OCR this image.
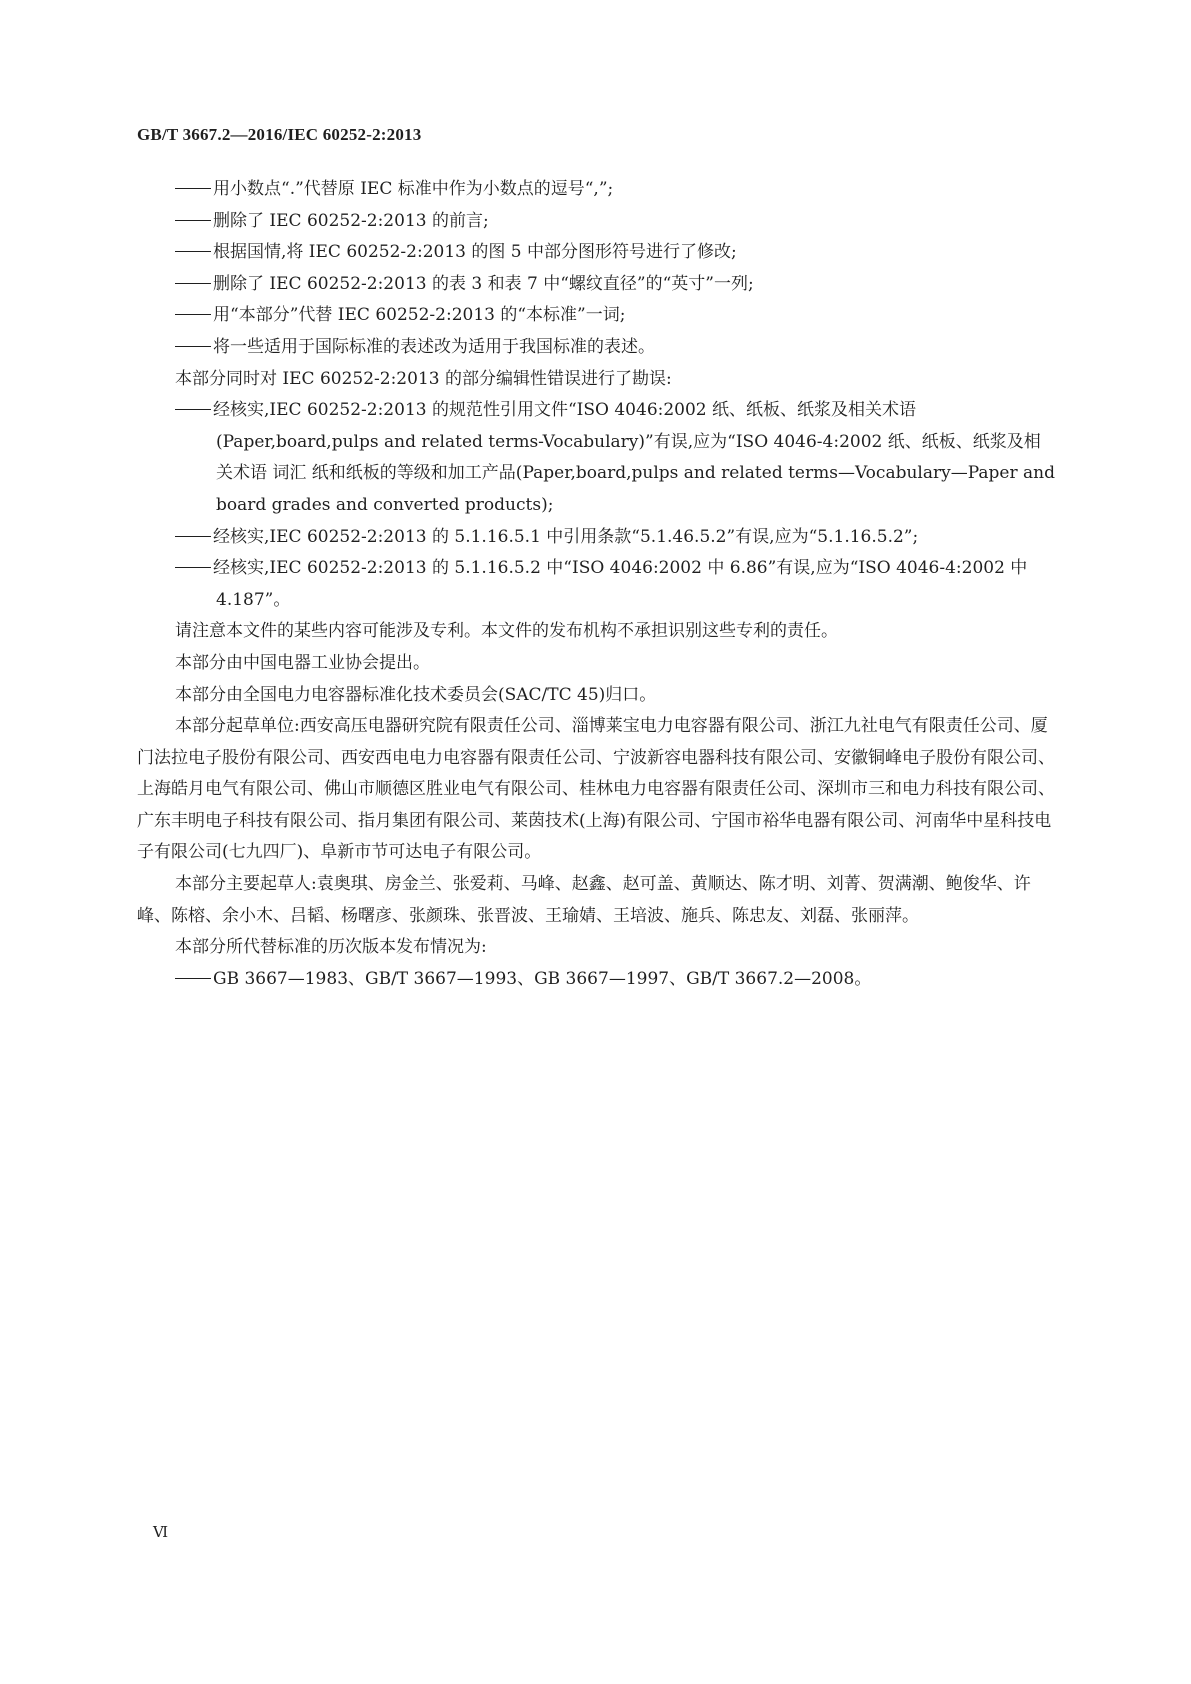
GB/T 3667.2—2016/IEC 60252-2:2013

用小数点“.”代替原 IEC 标准中作为小数点的逗号“,”;

删除了 IEC 60252-2:2013 的前言;

根据国情,将 IEC 60252-2:2013 的图 5 中部分图形符号进行了修改;

删除了 IEC 60252-2:2013 的表 3 和表 7 中“螺纹直径”的“英寸”一列;

用“本部分”代替 IEC 60252-2:2013 的“本标准”一词;

将一些适用于国际标准的表述改为适用于我国标准的表述。

本部分同时对 IEC 60252-2:2013 的部分编辑性错误进行了勘误:

经核实,IEC 60252-2:2013 的规范性引用文件“ISO 4046:2002 纸、纸板、纸浆及相关术语(Paper,board,pulps and related terms-Vocabulary)”有误,应为“ISO 4046-4:2002 纸、纸板、纸浆及相关术语 词汇 纸和纸板的等级和加工产品(Paper,board,pulps and related terms—Vocabulary—Paper and board grades and converted products);

经核实,IEC 60252-2:2013 的 5.1.16.5.1 中引用条款“5.1.46.5.2”有误,应为“5.1.16.5.2”;

经核实,IEC 60252-2:2013 的 5.1.16.5.2 中“ISO 4046:2002 中 6.86”有误,应为“ISO 4046-4:2002 中 4.187”。

请注意本文件的某些内容可能涉及专利。本文件的发布机构不承担识别这些专利的责任。

本部分由中国电器工业协会提出。

本部分由全国电力电容器标准化技术委员会(SAC/TC 45)归口。

本部分起草单位:西安高压电器研究院有限责任公司、淄博莱宝电力电容器有限公司、浙江九社电气有限责任公司、厦门法拉电子股份有限公司、西安西电电力电容器有限责任公司、宁波新容电器科技有限公司、安徽铜峰电子股份有限公司、上海皓月电气有限公司、佛山市顺德区胜业电气有限公司、桂林电力电容器有限责任公司、深圳市三和电力科技有限公司、广东丰明电子科技有限公司、指月集团有限公司、莱茵技术(上海)有限公司、宁国市裕华电器有限公司、河南华中星科技电子有限公司(七九四厂)、阜新市节可达电子有限公司。

本部分主要起草人:袁奥琪、房金兰、张爱莉、马峰、赵鑫、赵可盖、黄顺达、陈才明、刘菁、贺满潮、鲍俊华、许峰、陈榕、余小木、吕韬、杨曙彦、张颜珠、张晋波、王瑜婧、王培波、施兵、陈忠友、刘磊、张丽萍。

本部分所代替标准的历次版本发布情况为:

GB 3667—1983、GB/T 3667—1993、GB 3667—1997、GB/T 3667.2—2008。

Ⅵ
